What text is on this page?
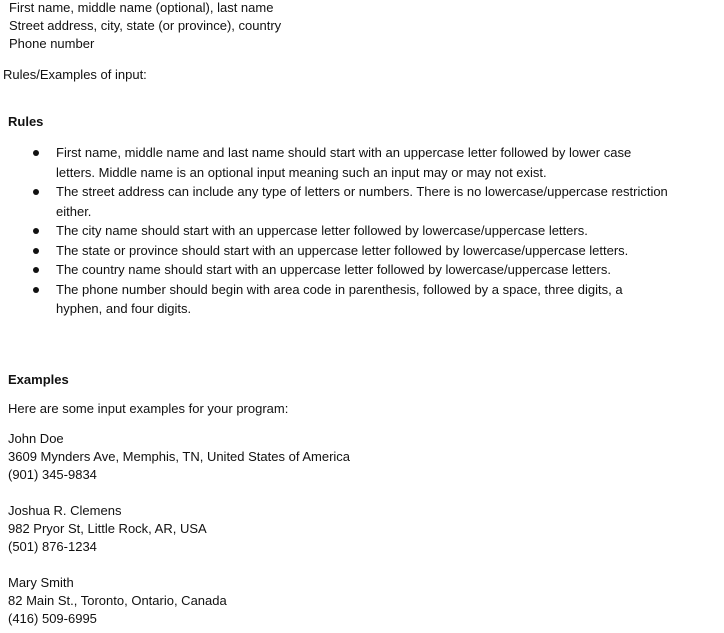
First name, middle name (optional), last name
Street address, city, state (or province), country
Phone number
Rules/Examples of input:
Rules
First name, middle name and last name should start with an uppercase letter followed by lower case letters. Middle name is an optional input meaning such an input may or may not exist.
The street address can include any type of letters or numbers. There is no lowercase/uppercase restriction either.
The city name should start with an uppercase letter followed by lowercase/uppercase letters.
The state or province should start with an uppercase letter followed by lowercase/uppercase letters.
The country name should start with an uppercase letter followed by lowercase/uppercase letters.
The phone number should begin with area code in parenthesis, followed by a space, three digits, a hyphen, and four digits.
Examples
Here are some input examples for your program:
John Doe
3609 Mynders Ave, Memphis, TN, United States of America
(901) 345-9834
Joshua R. Clemens
982 Pryor St, Little Rock, AR, USA
(501) 876-1234
Mary Smith
82 Main St., Toronto, Ontario, Canada
(416) 509-6995
